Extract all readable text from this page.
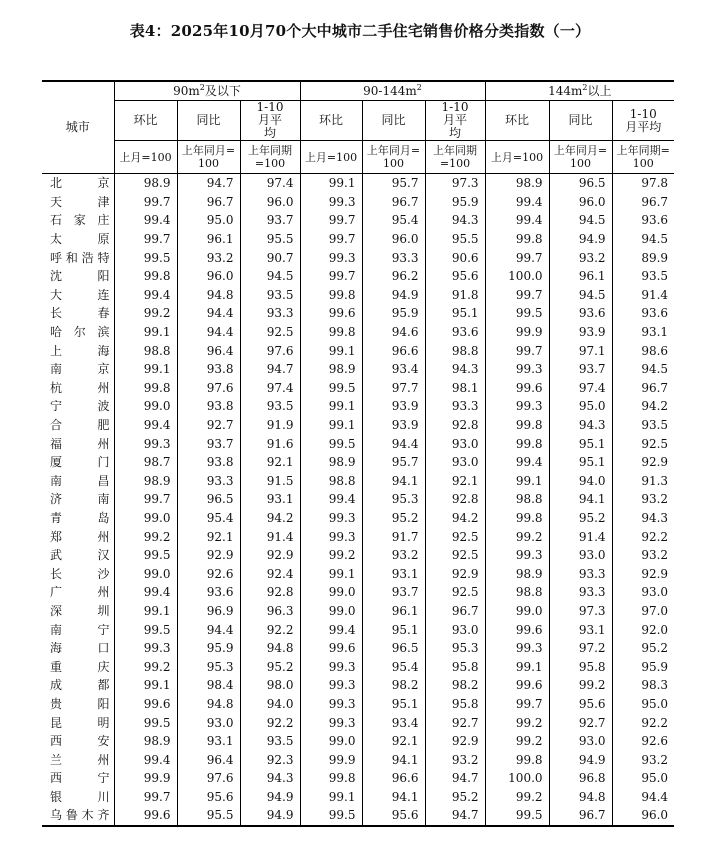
表4：2025年10月70个大中城市二手住宅销售价格分类指数（一）
城市	$90m^2$及以下			$90-144m^2$			$144m^2$以上		
	环比	同比	1-10月平均	环比	同比	1-10月平均	环比	同比	1-10月平均
	上月=100	上年同月=100	上年同期=100	上月=100	上年同月=100	上年同期=100	上月=100	上年同月=100	上年同期=100
北京	98.9	94.7	97.4	99.1	95.7	97.3	98.9	96.5	97.8
天津	99.7	96.7	96.0	99.3	96.7	95.9	99.4	96.0	96.7
石家庄	99.4	95.0	93.7	99.7	95.4	94.3	99.4	94.5	93.6
太原	99.7	96.1	95.5	99.7	96.0	95.5	99.8	94.9	94.5
呼和浩特	99.5	93.2	90.7	99.3	93.3	90.6	99.7	93.2	89.9
沈阳	99.8	96.0	94.5	99.7	96.2	95.6	100.0	96.1	93.5
大连	99.4	94.8	93.5	99.8	94.9	91.8	99.7	94.5	91.4
长春	99.2	94.4	93.3	99.6	95.9	95.1	99.5	93.6	93.6
哈尔滨	99.1	94.4	92.5	99.8	94.6	93.6	99.9	93.9	93.1
上海	98.8	96.4	97.6	99.1	96.6	98.8	99.7	97.1	98.6
南京	99.1	93.8	94.7	98.9	93.4	94.3	99.3	93.7	94.5
杭州	99.8	97.6	97.4	99.5	97.7	98.1	99.6	97.4	96.7
宁波	99.0	93.8	93.5	99.1	93.9	93.3	99.3	95.0	94.2
合肥	99.4	92.7	91.9	99.1	93.9	92.8	99.8	94.3	93.5
福州	99.3	93.7	91.6	99.5	94.4	93.0	99.8	95.1	92.5
厦门	98.7	93.8	92.1	98.9	95.7	93.0	99.4	95.1	92.9
南昌	98.9	93.3	91.5	98.8	94.1	92.1	99.1	94.0	91.3
济南	99.7	96.5	93.1	99.4	95.3	92.8	98.8	94.1	93.2
青岛	99.0	95.4	94.2	99.3	95.2	94.2	99.8	95.2	94.3
郑州	99.2	92.1	91.4	99.3	91.7	92.5	99.2	91.4	92.2
武汉	99.5	92.9	92.9	99.2	93.2	92.5	99.3	93.0	93.2
长沙	99.0	92.6	92.4	99.1	93.1	92.9	98.9	93.3	92.9
广州	99.4	93.6	92.8	99.0	93.7	92.5	98.8	93.3	93.0
深圳	99.1	96.9	96.3	99.0	96.1	96.7	99.0	97.3	97.0
南宁	99.5	94.4	92.2	99.4	95.1	93.0	99.6	93.1	92.0
海口	99.3	95.9	94.8	99.6	96.5	95.3	99.3	97.2	95.2
重庆	99.2	95.3	95.2	99.3	95.4	95.8	99.1	95.8	95.9
成都	99.1	98.4	98.0	99.3	98.2	98.2	99.6	99.2	98.3
贵阳	99.6	94.8	94.0	99.3	95.1	95.8	99.7	95.6	95.0
昆明	99.5	93.0	92.2	99.3	93.4	92.7	99.2	92.7	92.2
西安	98.9	93.1	93.5	99.0	92.1	92.9	99.2	93.0	92.6
兰州	99.4	96.4	92.3	99.9	94.1	93.2	99.8	94.9	93.2
西宁	99.9	97.6	94.3	99.8	96.6	94.7	100.0	96.8	95.0
银川	99.7	95.6	94.9	99.1	94.1	95.2	99.2	94.8	94.4
乌鲁木齐	99.6	95.5	94.9	99.5	95.6	94.7	99.5	96.7	96.0
